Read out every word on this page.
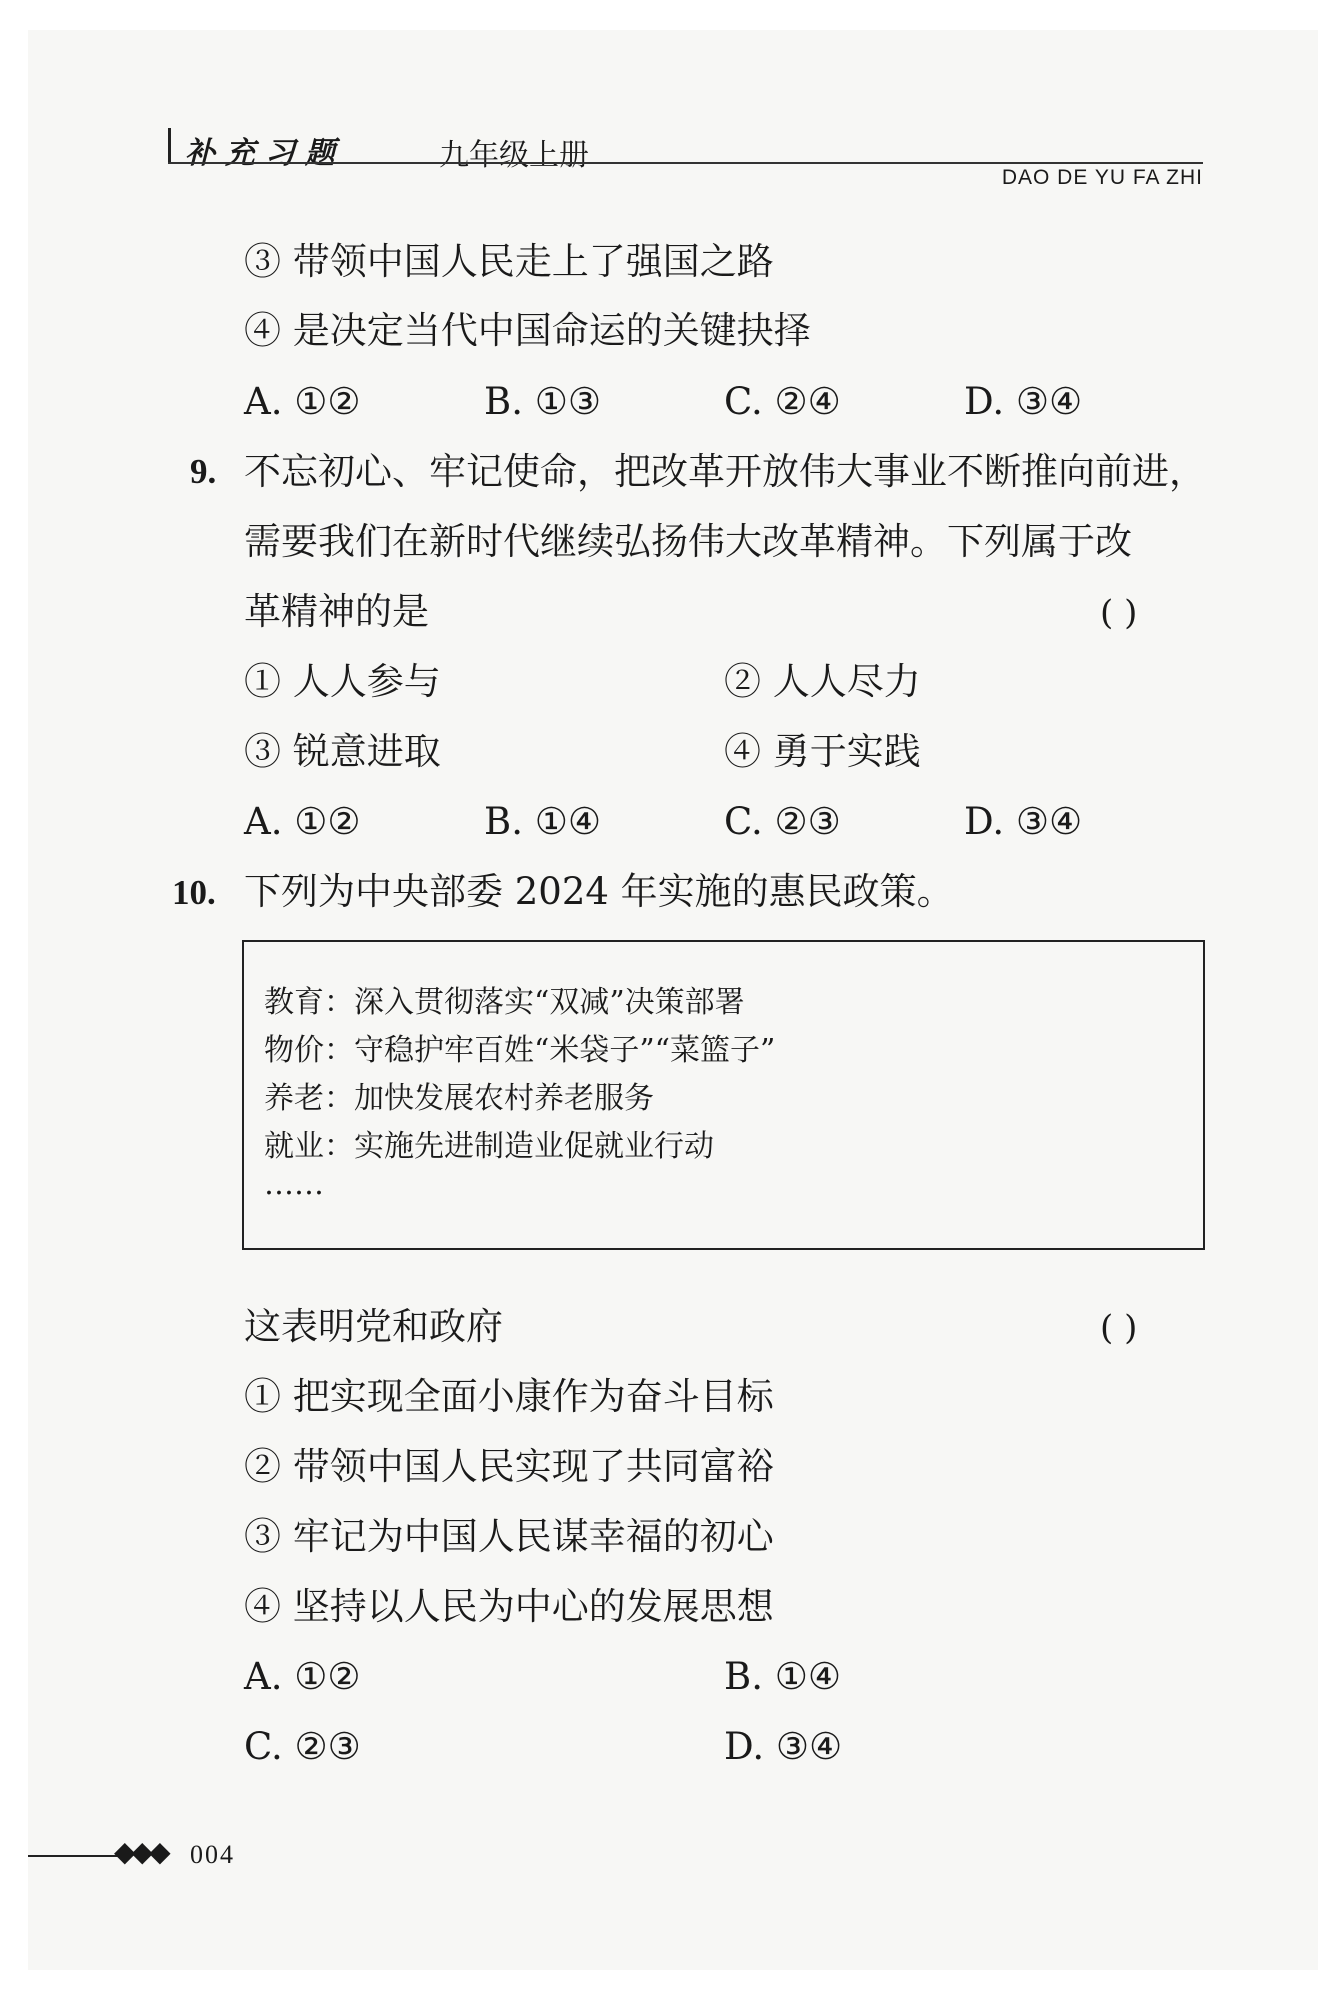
补充习题	九年级上册
DAO DE YU FA ZHI
③ 带领中国人民走上了强国之路
④ 是决定当代中国命运的关键抉择
A. ①②	B. ①③	C. ②④	D. ③④
9. 不忘初心、牢记使命，把改革开放伟大事业不断推向前进，
需要我们在新时代继续弘扬伟大改革精神。下列属于改
革精神的是	( )
① 人人参与	② 人人尽力
③ 锐意进取	④ 勇于实践
A. ①②	B. ①④	C. ②③	D. ③④
10. 下列为中央部委 2024 年实施的惠民政策。
教育：深入贯彻落实“双减”决策部署
物价：守稳护牢百姓“米袋子”“菜篮子”
养老：加快发展农村养老服务
就业：实施先进制造业促就业行动
……
这表明党和政府	( )
① 把实现全面小康作为奋斗目标
② 带领中国人民实现了共同富裕
③ 牢记为中国人民谋幸福的初心
④ 坚持以人民为中心的发展思想
A. ①②	B. ①④
C. ②③	D. ③④
◆◆◆ 004
